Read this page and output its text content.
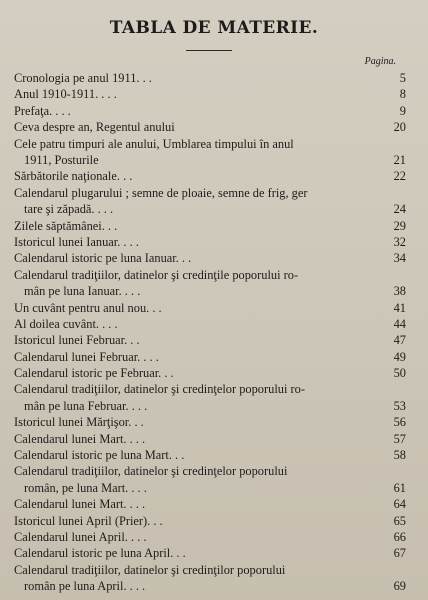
TABLA DE MATERIE.
Pagina.
Cronologia pe anul 1911. . .	5
Anul 1910-1911. . . .	8
Prefaţa. . . .	9
Ceva despre an, Regentul anului	20
Cele patru timpuri ale anului, Umblarea timpului în anul
1911, Posturile	21
Sărbătorile naţionale. . .	22
Calendarul plugarului ; semne de ploaie, semne de frig, ger
tare şi zăpadă. . . .	24
Zilele săptămânei. . .	29
Istoricul lunei Ianuar. . . .	32
Calendarul istoric pe luna Ianuar. . .	34
Calendarul tradiţiilor, datinelor şi credinţile poporului ro-
mân pe luna Ianuar. . . .	38
Un cuvânt pentru anul nou. . .	41
Al doilea cuvânt. . . .	44
Istoricul lunei Februar. . .	47
Calendarul lunei Februar. . . .	49
Calendarul istoric pe Februar. . .	50
Calendarul tradiţiilor, datinelor şi credinţelor poporului ro-
mân pe luna Februar. . . .	53
Istoricul lunei Mărţişor. . .	56
Calendarul lunei Mart. . . .	57
Calendarul istoric pe luna Mart. . .	58
Calendarul tradiţiilor, datinelor şi credinţelor poporului
român, pe luna Mart. . . .	61
Calendarul lunei Mart. . . .	64
Istoricul lunei April (Prier). . .	65
Calendarul lunei April. . . .	66
Calendarul istoric pe luna April. . .	67
Calendarul tradiţiilor, datinelor şi credinţilor poporului
român pe luna April. . . .	69
